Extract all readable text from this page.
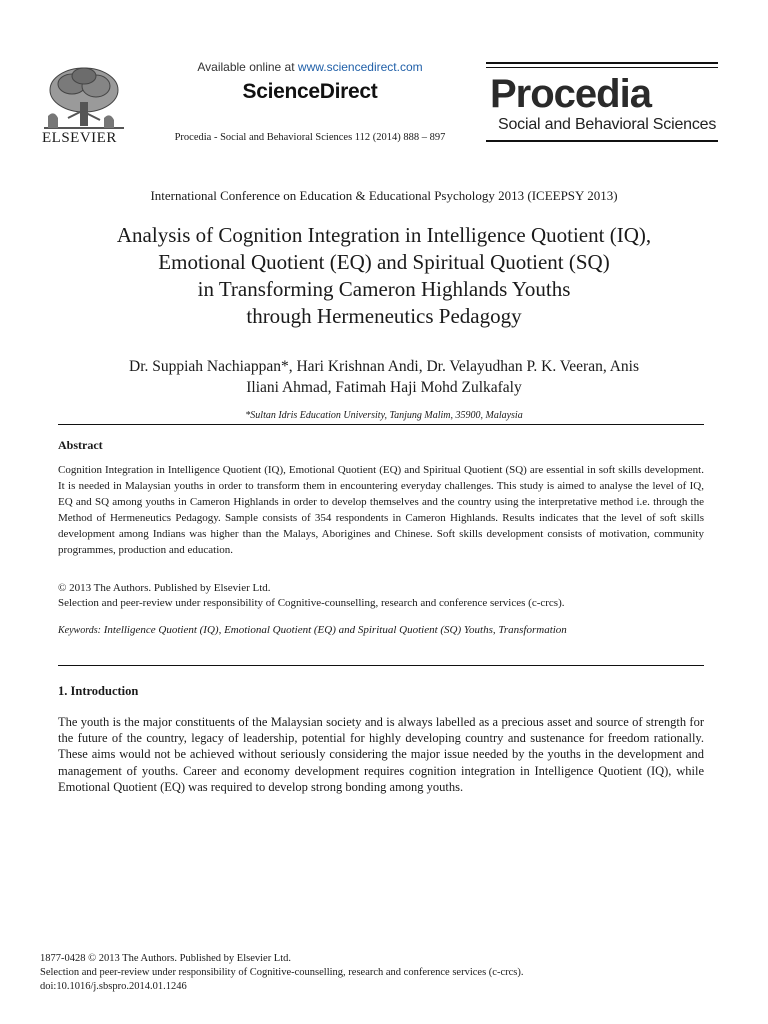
ELSEVIER
Available online at www.sciencedirect.com
ScienceDirect
Procedia - Social and Behavioral Sciences 112 (2014) 888 – 897
Procedia
Social and Behavioral Sciences
International Conference on Education & Educational Psychology 2013 (ICEEPSY 2013)
Analysis of Cognition Integration in Intelligence Quotient (IQ),
Emotional Quotient (EQ) and Spiritual Quotient (SQ)
in Transforming Cameron Highlands Youths
through Hermeneutics Pedagogy
Dr. Suppiah Nachiappan*, Hari Krishnan Andi, Dr. Velayudhan P. K. Veeran, Anis
Iliani Ahmad, Fatimah Haji Mohd Zulkafaly
*Sultan Idris Education University, Tanjung Malim, 35900, Malaysia
Abstract
Cognition Integration in Intelligence Quotient (IQ), Emotional Quotient (EQ) and Spiritual Quotient (SQ) are essential in soft skills development. It is needed in Malaysian youths in order to transform them in encountering everyday challenges. This study is aimed to analyse the level of IQ, EQ and SQ among youths in Cameron Highlands in order to develop themselves and the country using the interpretative method i.e. through the Method of Hermeneutics Pedagogy. Sample consists of 354 respondents in Cameron Highlands. Results indicates that the level of soft skills development among Indians was higher than the Malays, Aborigines and Chinese. Soft skills development consists of motivation, community programmes, production and education.
© 2013 The Authors. Published by Elsevier Ltd.
Selection and peer-review under responsibility of Cognitive-counselling, research and conference services (c-crcs).
Keywords: Intelligence Quotient (IQ), Emotional Quotient (EQ) and Spiritual Quotient (SQ) Youths, Transformation
1. Introduction
The youth is the major constituents of the Malaysian society and is always labelled as a precious asset and source of strength for the future of the country, legacy of leadership, potential for highly developing country and sustenance for freedom rationally. These aims would not be achieved without seriously considering the major issue needed by the youths in the development and management of youths. Career and economy development requires cognition integration in Intelligence Quotient (IQ), while Emotional Quotient (EQ) was required to develop strong bonding among youths.
1877-0428 © 2013 The Authors. Published by Elsevier Ltd.
Selection and peer-review under responsibility of Cognitive-counselling, research and conference services (c-crcs).
doi:10.1016/j.sbspro.2014.01.1246
